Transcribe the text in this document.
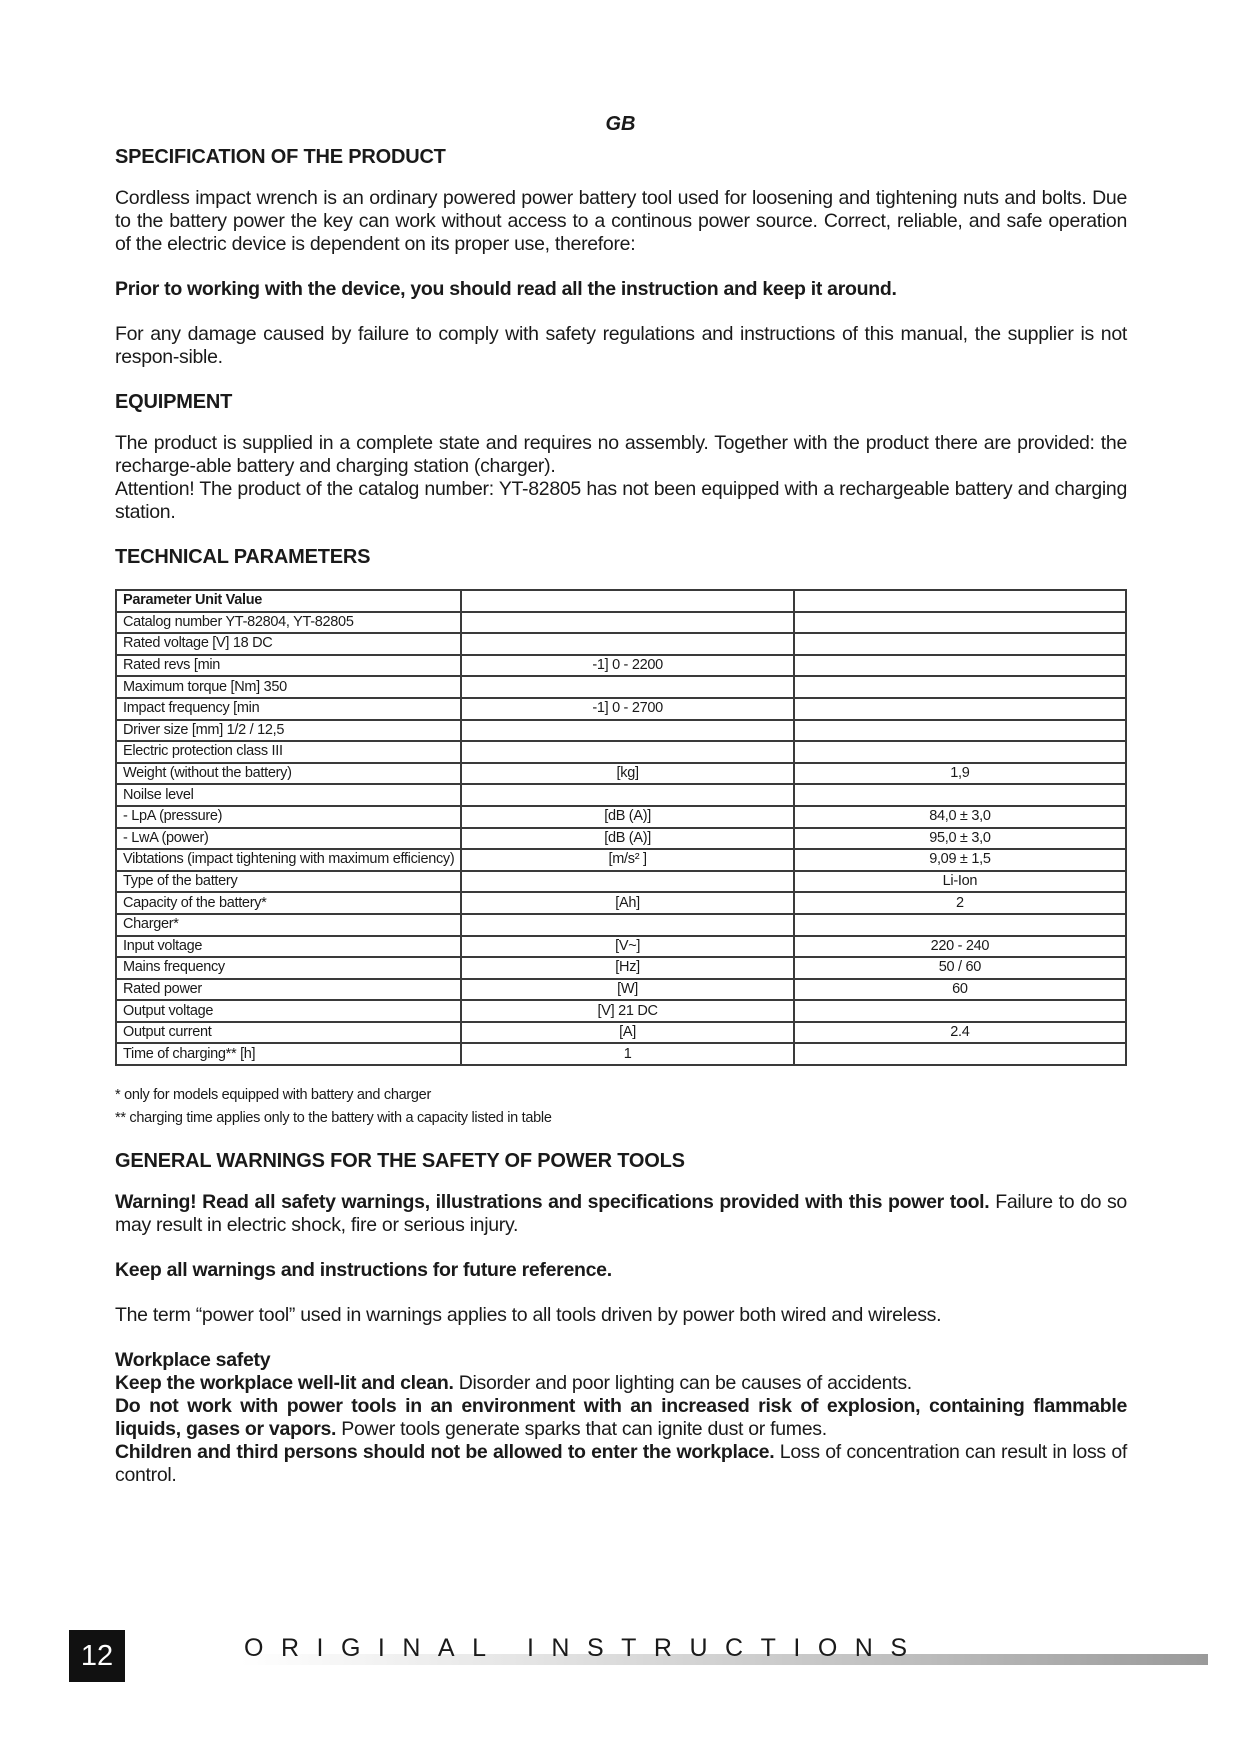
GB
SPECIFICATION OF THE PRODUCT
Cordless impact wrench is an ordinary powered power battery tool used for loosening and tightening nuts and bolts. Due to the battery power the key can work without access to a continous power source. Correct, reliable, and safe operation of the electric device is dependent on its proper use, therefore:
Prior to working with the device, you should read all the instruction and keep it around.
For any damage caused by failure to comply with safety regulations and instructions of this manual, the supplier is not respon-sible.
EQUIPMENT
The product is supplied in a complete state and requires no assembly. Together with the product there are provided: the recharge-able battery and charging station (charger).
Attention! The product of the catalog number: YT-82805 has not been equipped with a rechargeable battery and charging station.
TECHNICAL PARAMETERS
Parameter Unit Value		
Catalog number YT-82804, YT-82805		
Rated voltage [V] 18 DC		
Rated revs [min	-1] 0 - 2200	
Maximum torque [Nm] 350		
Impact frequency [min	-1] 0 - 2700	
Driver size [mm] 1/2 / 12,5		
Electric protection class III		
Weight (without the battery)	[kg]	1,9
Noilse level		
- LpA (pressure)	[dB (A)]	84,0 ± 3,0
- LwA (power)	[dB (A)]	95,0 ± 3,0
Vibtations (impact tightening with maximum efficiency)	[m/s² ]	9,09 ± 1,5
Type of the battery		Li-Ion
Capacity of the battery*	[Ah]	2
Charger*		
Input voltage	[V~]	220 - 240
Mains frequency	[Hz]	50 / 60
Rated power	[W]	60
Output voltage	[V] 21 DC	
Output current	[A]	2.4
Time of charging** [h]	1	
* only for models equipped with battery and charger
** charging time applies only to the battery with a capacity listed in table
GENERAL WARNINGS FOR THE SAFETY OF POWER TOOLS
Warning! Read all safety warnings, illustrations and specifications provided with this power tool. Failure to do so may result in electric shock, fire or serious injury.
Keep all warnings and instructions for future reference.
The term “power tool” used in warnings applies to all tools driven by power both wired and wireless.
Workplace safety
Keep the workplace well-lit and clean. Disorder and poor lighting can be causes of accidents.
Do not work with power tools in an environment with an increased risk of explosion, containing flammable liquids, gases or vapors. Power tools generate sparks that can ignite dust or fumes.
Children and third persons should not be allowed to enter the workplace. Loss of concentration can result in loss of control.
12	ORIGINAL INSTRUCTIONS
